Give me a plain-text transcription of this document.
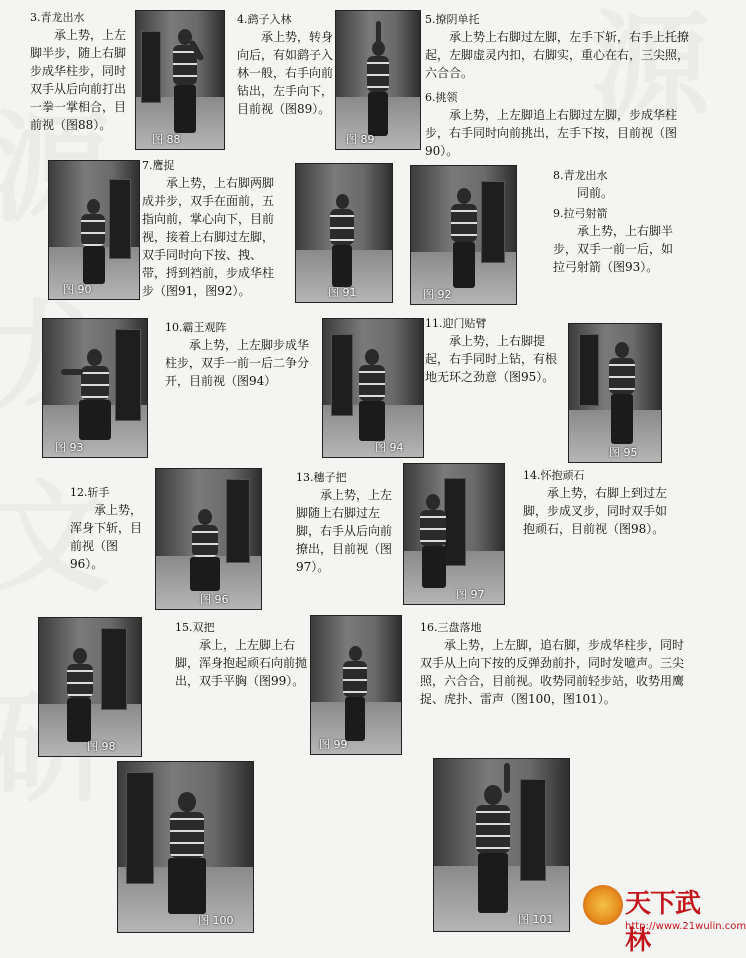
3.青龙出水
承上势，上左脚半步，随上右脚步成华柱步，同时双手从后向前打出一拳一掌相合，目前视（图88）。
图 88
4.鹞子入林
承上势，转身向后，有如鹞子入林一般，右手向前钻出，左手向下，目前视（图89）。
图 89
5.撩阴单托
承上势上右脚过左脚，左手下斩，右手上托撩起，左脚虚灵内扣，右脚实，重心在右，三尖照，六合合。
6.挑领
承上势，上左脚追上右脚过左脚，步成华柱步，右手同时向前挑出，左手下按，目前视（图90）。
图 90
7.鹰捉
承上势，上右脚两脚成并步，双手在面前，五指向前，掌心向下，目前视，接着上右脚过左脚，双手同时向下按、拽、带，捋到裆前，步成华柱步（图91，图92）。	图 91	图 92
8.青龙出水
同前。
9.拉弓射箭
承上势，上右脚半步，双手一前一后，如拉弓射箭（图93）。
图 93
10.霸王观阵
承上势，上左脚步成华柱步，双手一前一后二争分开，目前视（图94）
图 94
11.迎门贴臂
承上势，上右脚提起，右手同时上钻，有根地无环之劲意（图95）。
图 95
12.斩手
承上势，浑身下斩，目前视（图96）。
图 96
13.穗子把
承上势，上左脚随上右脚过左脚，右手从后向前撩出，目前视（图97）。
图 97
14.怀抱顽石
承上势，右脚上到过左脚，步成叉步，同时双手如抱顽石，目前视（图98）。
图 98
15.双把
承上，上左脚上右脚，浑身抱起顽石向前抛出，双手平胸（图99）。
图 99
16.三盘落地
承上势，上左脚，追右脚，步成华柱步，同时双手从上向下按的反弹劲前扑，同时发噫声。三尖照，六合合，目前视。收势同前轻步站，收势用鹰捉、虎扑、雷声（图100，图101）。
图 100	图 101
天下武林
http://www.21wulin.com
